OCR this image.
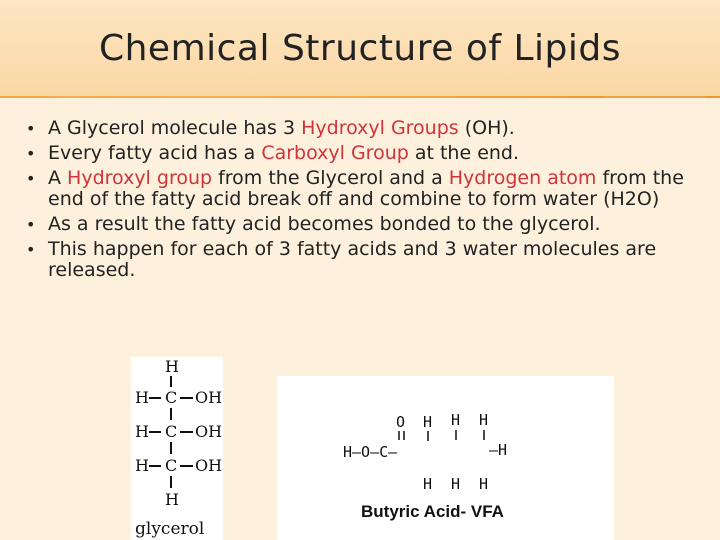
Chemical Structure of Lipids
• A Glycerol molecule has 3 Hydroxyl Groups (OH).
• Every fatty acid has a Carboxyl Group at the end.
• A Hydroxyl group from the Glycerol and a Hydrogen atom from the end of the fatty acid break off and combine to form water (H2O)
• As a result the fatty acid becomes bonded to the glycerol.
• This happen for each of 3 fatty acids and 3 water molecules are released.
H
H C OH
H C OH
H C OH
H
glycerol
O H H H
H—O—C–	—H
H H H
Butyric Acid- VFA
